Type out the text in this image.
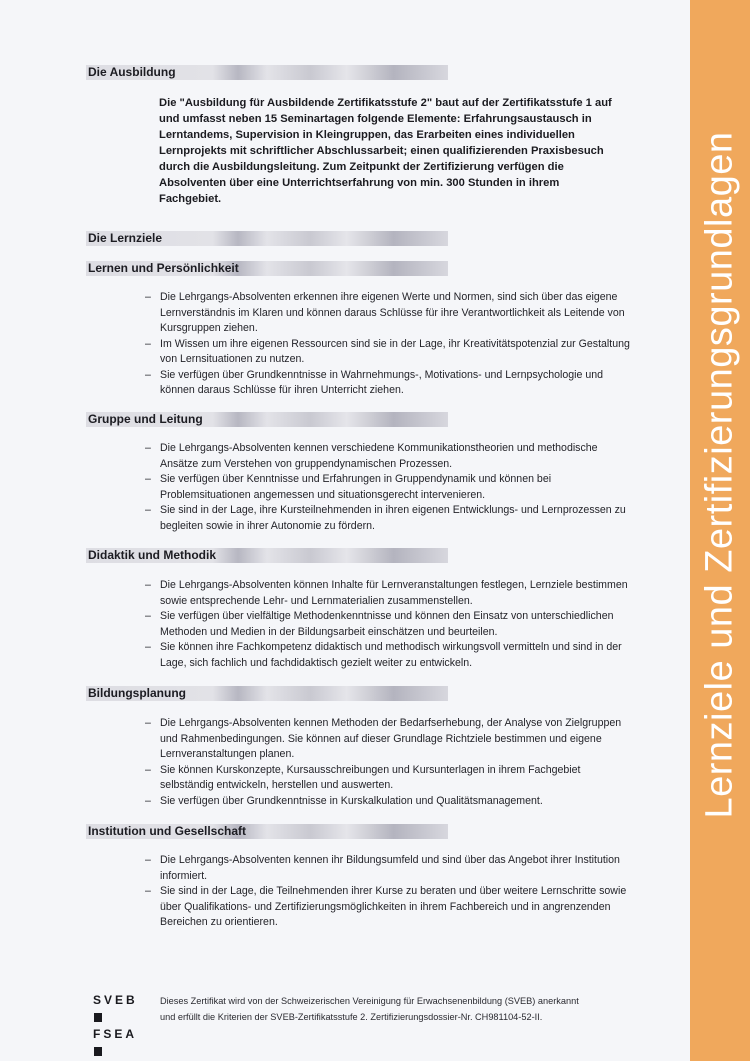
Die Ausbildung

Die "Ausbildung für Ausbildende Zertifikatsstufe 2" baut auf der Zertifikatsstufe 1 auf und umfasst neben 15 Seminartagen folgende Elemente: Erfahrungsaustausch in Lerntandems, Supervision in Kleingruppen, das Erarbeiten eines individuellen Lernprojekts mit schriftlicher Abschlussarbeit; einen qualifizierenden Praxisbesuch durch die Ausbildungsleitung. Zum Zeitpunkt der Zertifizierung verfügen die Absolventen über eine Unterrichtserfahrung von min. 300 Stunden in ihrem Fachgebiet.

Die Lernziele
Lernen und Persönlichkeit
– Die Lehrgangs-Absolventen erkennen ihre eigenen Werte und Normen, sind sich über das eigene Lernverständnis im Klaren und können daraus Schlüsse für ihre Verantwortlichkeit als Leitende von Kursgruppen ziehen.
– Im Wissen um ihre eigenen Ressourcen sind sie in der Lage, ihr Kreativitätspotenzial zur Gestaltung von Lernsituationen zu nutzen.
– Sie verfügen über Grundkenntnisse in Wahrnehmungs-, Motivations- und Lernpsychologie und können daraus Schlüsse für ihren Unterricht ziehen.
Gruppe und Leitung
– Die Lehrgangs-Absolventen kennen verschiedene Kommunikationstheorien und methodische Ansätze zum Verstehen von gruppendynamischen Prozessen.
– Sie verfügen über Kenntnisse und Erfahrungen in Gruppendynamik und können bei Problemsituationen angemessen und situationsgerecht intervenieren.
– Sie sind in der Lage, ihre Kursteilnehmenden in ihren eigenen Entwicklungs- und Lernprozessen zu begleiten sowie in ihrer Autonomie zu fördern.
Didaktik und Methodik
– Die Lehrgangs-Absolventen können Inhalte für Lernveranstaltungen festlegen, Lernziele bestimmen sowie entsprechende Lehr- und Lernmaterialien zusammenstellen.
– Sie verfügen über vielfältige Methodenkenntnisse und können den Einsatz von unterschiedlichen Methoden und Medien in der Bildungsarbeit einschätzen und beurteilen.
– Sie können ihre Fachkompetenz didaktisch und methodisch wirkungsvoll vermitteln und sind in der Lage, sich fachlich und fachdidaktisch gezielt weiter zu entwickeln.
Bildungsplanung
– Die Lehrgangs-Absolventen kennen Methoden der Bedarfserhebung, der Analyse von Zielgruppen und Rahmenbedingungen. Sie können auf dieser Grundlage Richtziele bestimmen und eigene Lernveranstaltungen planen.
– Sie können Kurskonzepte, Kursausschreibungen und Kursunterlagen in ihrem Fachgebiet selbständig entwickeln, herstellen und auswerten.
– Sie verfügen über Grundkenntnisse in Kurskalkulation und Qualitätsmanagement.
Institution und Gesellschaft
– Die Lehrgangs-Absolventen kennen ihr Bildungsumfeld und sind über das Angebot ihrer Institution informiert.
– Sie sind in der Lage, die Teilnehmenden ihrer Kurse zu beraten und über weitere Lernschritte sowie über Qualifikations- und Zertifizierungsmöglichkeiten in ihrem Fachbereich und in angrenzenden Bereichen zu orientieren.
SVEB
FSEA

Dieses Zertifikat wird von der Schweizerischen Vereinigung für Erwachsenenbildung (SVEB) anerkannt

und erfüllt die Kriterien der SVEB-Zertifikatsstufe 2. Zertifizierungsdossier-Nr. CH981104-52-II.

Lernziele und Zertifizierungsgrundlagen
